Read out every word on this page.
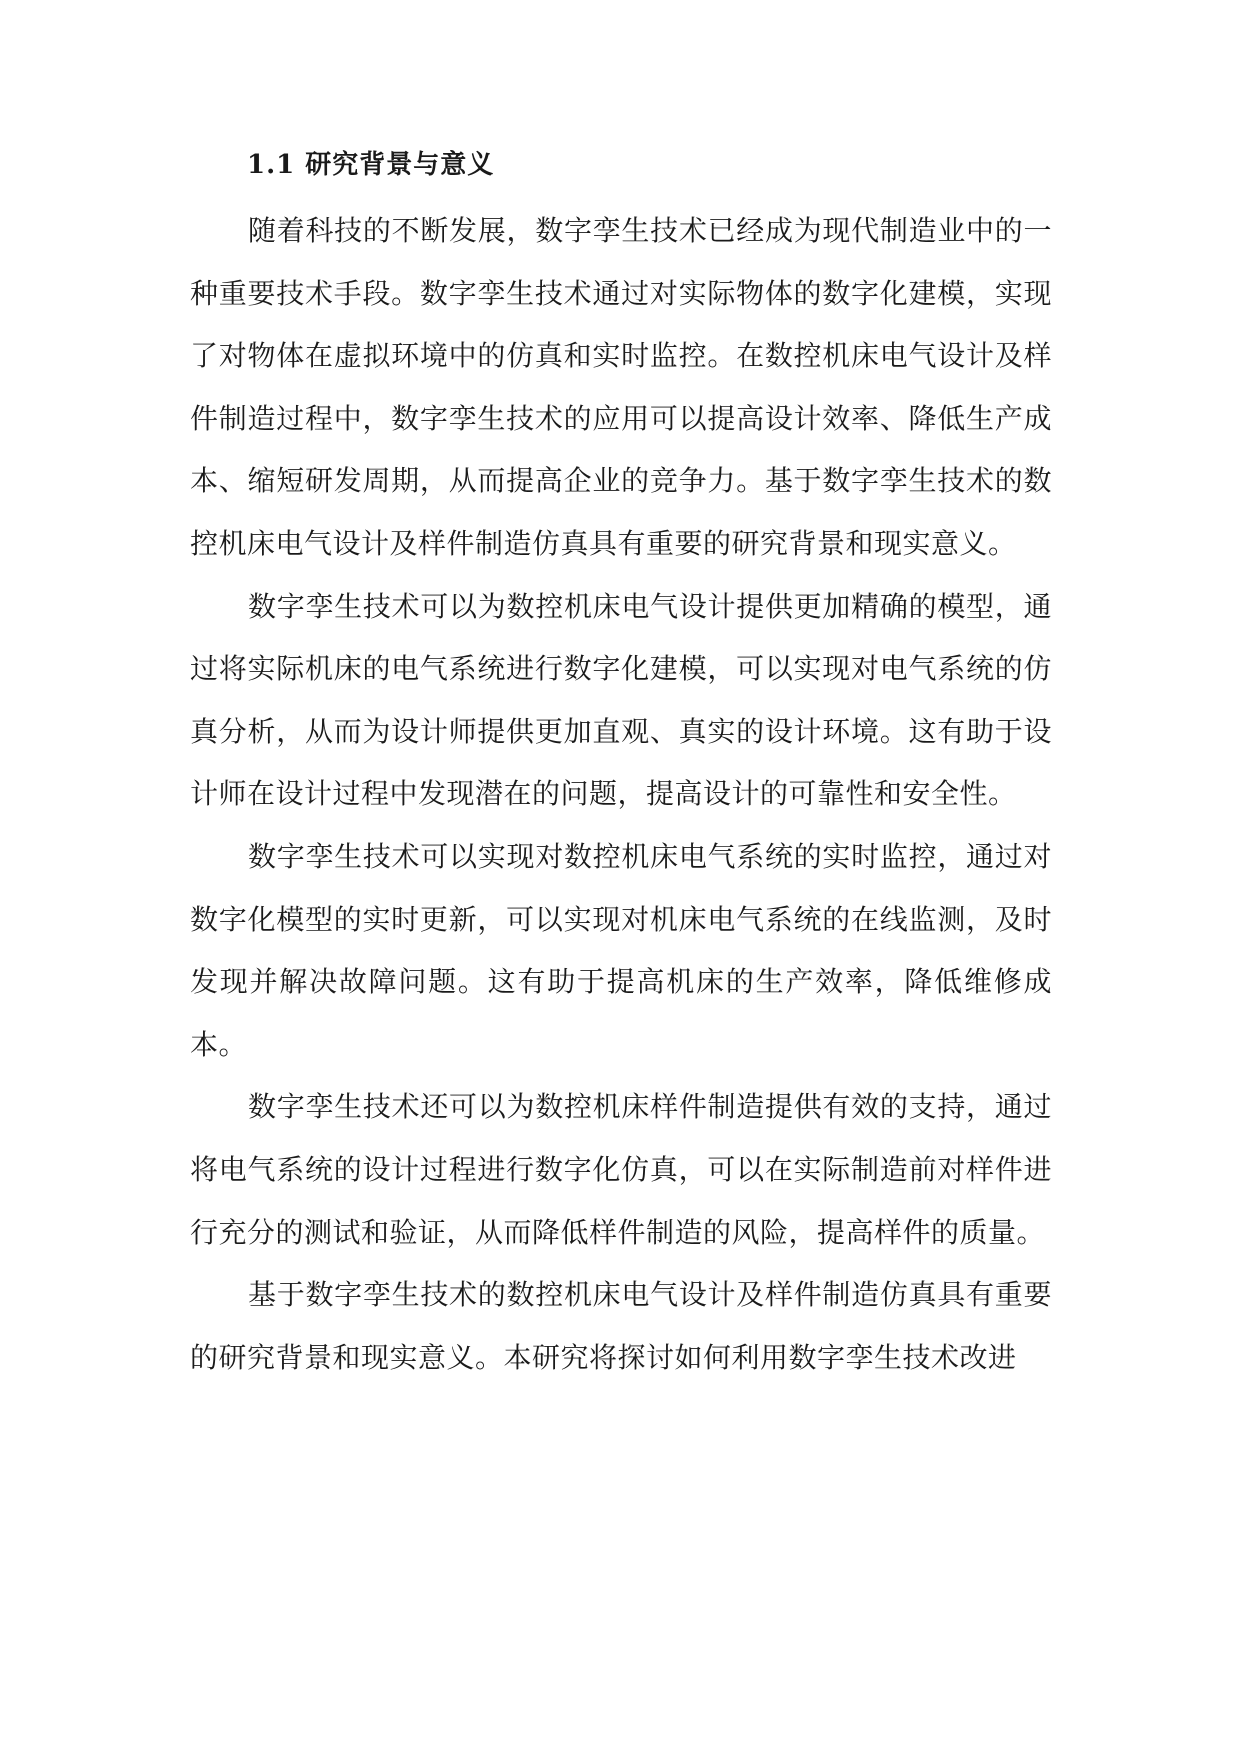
1.1 研究背景与意义

随着科技的不断发展，数字孪生技术已经成为现代制造业中的一种重要技术手段。数字孪生技术通过对实际物体的数字化建模，实现了对物体在虚拟环境中的仿真和实时监控。在数控机床电气设计及样件制造过程中，数字孪生技术的应用可以提高设计效率、降低生产成本、缩短研发周期，从而提高企业的竞争力。基于数字孪生技术的数控机床电气设计及样件制造仿真具有重要的研究背景和现实意义。

数字孪生技术可以为数控机床电气设计提供更加精确的模型，通过将实际机床的电气系统进行数字化建模，可以实现对电气系统的仿真分析，从而为设计师提供更加直观、真实的设计环境。这有助于设计师在设计过程中发现潜在的问题，提高设计的可靠性和安全性。

数字孪生技术可以实现对数控机床电气系统的实时监控，通过对数字化模型的实时更新，可以实现对机床电气系统的在线监测，及时发现并解决故障问题。这有助于提高机床的生产效率，降低维修成本。

数字孪生技术还可以为数控机床样件制造提供有效的支持，通过将电气系统的设计过程进行数字化仿真，可以在实际制造前对样件进行充分的测试和验证，从而降低样件制造的风险，提高样件的质量。

基于数字孪生技术的数控机床电气设计及样件制造仿真具有重要的研究背景和现实意义。本研究将探讨如何利用数字孪生技术改进
